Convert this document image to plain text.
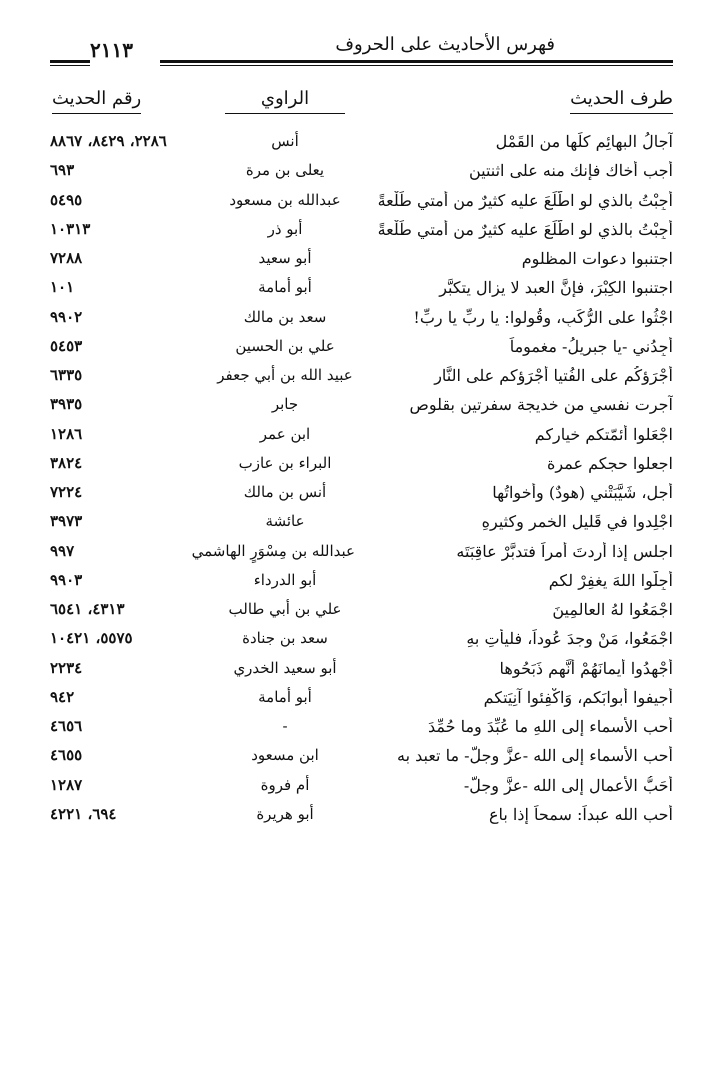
٢١١٣	فهرس الأحاديث على الحروف
طرف الحديث
الراوي
رقم الحديث
آجالُ البهائِم كلِّها من القَمْلِ
أنس
٢٢٨٦، ٨٤٢٩، ٨٨٦٧
أجب أخاك فإنك منه على اثنتين
يعلى بن مرة
٦٩٣
أُجِبْتُ بالذي لو اطَّلَعَ عليه كثيرٌ من أمتي طَلْعةً
عبدالله بن مسعود
٥٤٩٥
أُجِبْتُ بالذي لو اطَّلَعَ عليه كثيرٌ من أمتي طَلْعةً
أبو ذر
١٠٣١٣
اجتنبوا دعوات المظلوم
أبو سعيد
٧٢٨٨
اجتنبوا الكِبْرَ، فإنَّ العبد لا يزال يتكبَّر
أبو أمامة
١٠١
اجْثُوا على الرُّكَبِ، وقُولوا: يا ربِّ يا ربِّ!
سعد بن مالك
٩٩٠٢
أَجِدُني -يا جبريلُ- مغموماً
علي بن الحسين
٥٤٥٣
أَجْرَؤكُم على الفُتيا أجْرَؤكم على النَّارِ
عبيد الله بن أبي جعفر
٦٣٣٥
آجرت نفسي من خديجة سفرتين بقلوصٍ
جابر
٣٩٣٥
اجْعَلوا أئمّتكم خياركم
ابن عمر
١٢٨٦
اجعلوا حجكم عمرة
البراء بن عازب
٣٨٢٤
أجل، شَيَّبَتْني (هودٌ) وأخواتُها
أنس بن مالك
٧٢٢٤
اجْلِدوا في قَليلِ الخمر وكثيرِهِ
عائشة
٣٩٧٣
اجلس إذا أردتَ أمراً فتدبَّرْ عاقِبَتَه
عبدالله بن مِسْوَرٍ الهاشمي
٩٩٧
أَجِلُّوا اللهَ يغفِرْ لكم
أبو الدرداء
٩٩٠٣
اجْمَعُوا لهُ العالمِينَ
علي بن أبي طالب
٤٣١٣، ٦٥٤١
اجْمَعُوا، مَنْ وجدَ عُوداً، فليأتِ بهِ
سعد بن جنادة
٥٥٧٥، ١٠٤٢١
أَجْهِدُوا أيمانَهُمْ أنَّهم ذَبَحُوها
أبو سعيد الخدري
٢٢٣٤
أجيفوا أبوابَكم، وَاكْفِئوا آنِيَتكم
أبو أمامة
٩٤٢
أحب الأسماء إلى اللهِ ما عُبِّدَ وما حُمِّدَ
-
٤٦٥٦
أحب الأسماء إلى الله -عزَّ وجلَّ- ما تعبد به
ابن مسعود
٤٦٥٥
أَحَبُّ الأعمالِ إلى الله -عزَّ وجلَّ-
أم فروة
١٢٨٧
أحب الله عبداً: سمحاً إذا باع
أبو هريرة
٦٩٤، ٤٢٢١
